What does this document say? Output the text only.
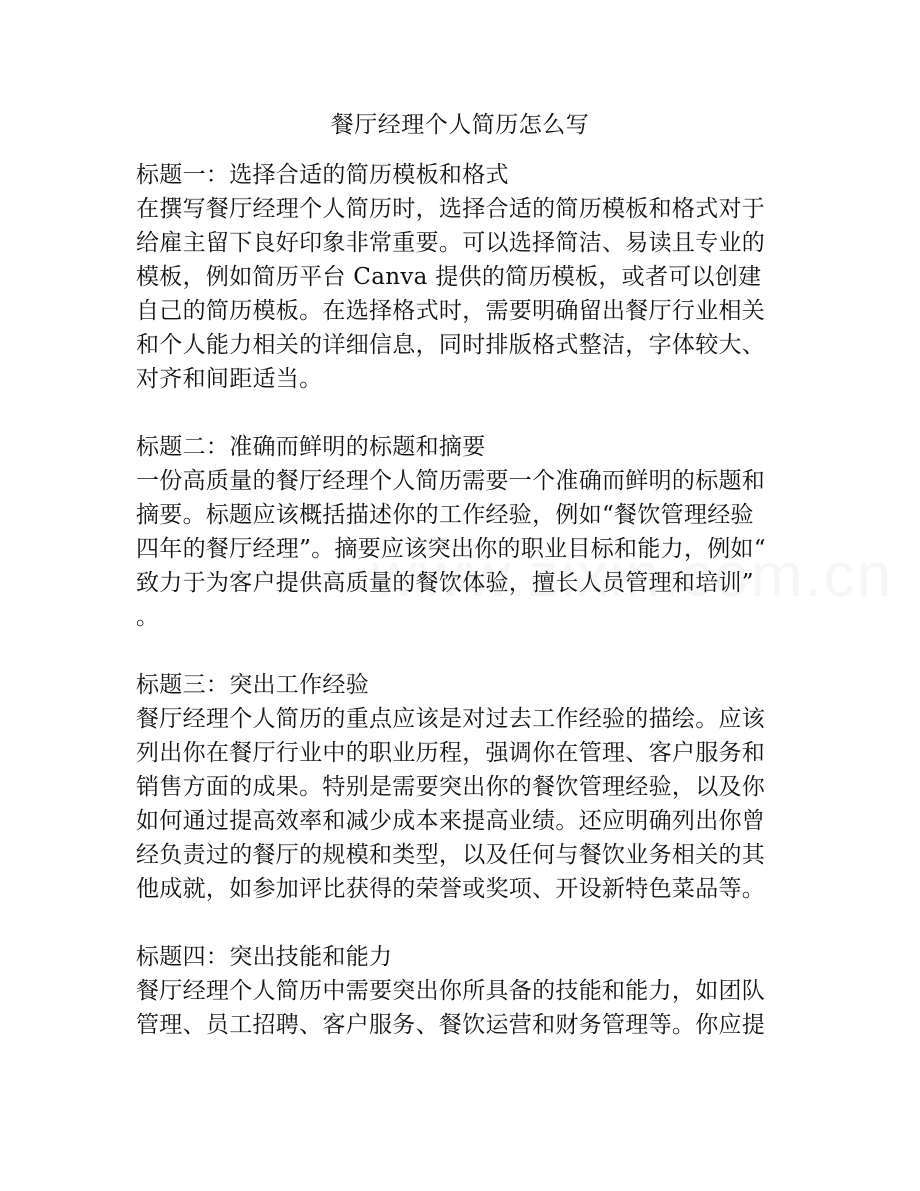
餐厅经理个人简历怎么写
标题一：选择合适的简历模板和格式
在撰写餐厅经理个人简历时，选择合适的简历模板和格式对于
给雇主留下良好印象非常重要。可以选择简洁、易读且专业的
模板，例如简历平台 Canva 提供的简历模板，或者可以创建
自己的简历模板。在选择格式时，需要明确留出餐厅行业相关
和个人能力相关的详细信息，同时排版格式整洁，字体较大、
对齐和间距适当。
标题二：准确而鲜明的标题和摘要
一份高质量的餐厅经理个人简历需要一个准确而鲜明的标题和
摘要。标题应该概括描述你的工作经验，例如“餐饮管理经验
四年的餐厅经理”。摘要应该突出你的职业目标和能力，例如“
致力于为客户提供高质量的餐饮体验，擅长人员管理和培训”
。
标题三：突出工作经验
餐厅经理个人简历的重点应该是对过去工作经验的描绘。应该
列出你在餐厅行业中的职业历程，强调你在管理、客户服务和
销售方面的成果。特别是需要突出你的餐饮管理经验，以及你
如何通过提高效率和减少成本来提高业绩。还应明确列出你曾
经负责过的餐厅的规模和类型，以及任何与餐饮业务相关的其
他成就，如参加评比获得的荣誉或奖项、开设新特色菜品等。
标题四：突出技能和能力
餐厅经理个人简历中需要突出你所具备的技能和能力，如团队
管理、员工招聘、客户服务、餐饮运营和财务管理等。你应提
